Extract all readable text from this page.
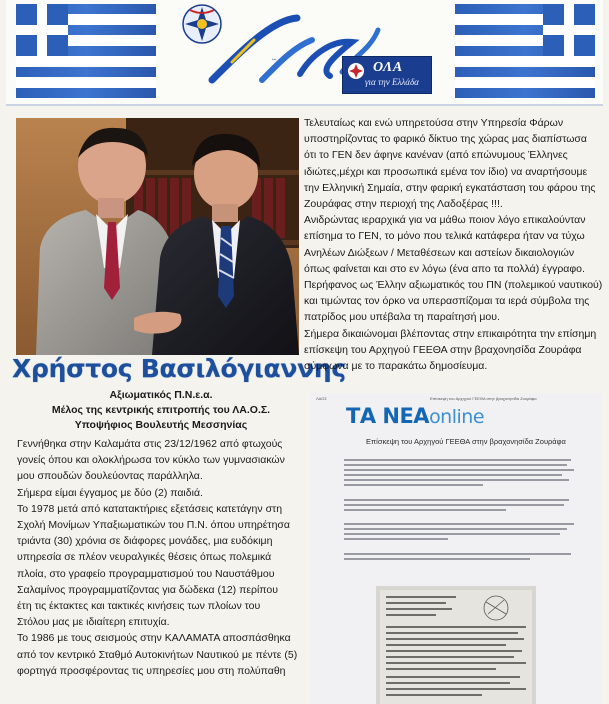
Λαός	ΟΛΑ
για την Ελλάδα
Χρήστος Βασιλόγιαννης
Αξιωματικός Π.Ν.ε.α.
Μέλος της κεντρικής επιτροπής του ΛΑ.Ο.Σ.
Υποψήφιος Βουλευτής Μεσσηνίας

Γεννήθηκα στην Καλαμάτα στις 23/12/1962 από φτωχούς
γονείς όπου και ολοκλήρωσα τον κύκλο των γυμνασιακών
μου σπουδών δουλεύοντας παράλληλα.

Σήμερα είμαι έγγαμος με δύο (2) παιδιά.

Το 1978 μετά από κατατακτήριες εξετάσεις κατετάγην στη
Σχολή Μονίμων Υπαξιωματικών του Π.Ν. όπου υπηρέτησα
τριάντα (30) χρόνια σε διάφορες μονάδες, μια ευδόκιμη
υπηρεσία σε πλέον νευραλγικές θέσεις όπως πολεμικά
πλοία, στο γραφείο προγραμματισμού του Ναυστάθμου
Σαλαμίνος προγραμματίζοντας για δώδεκα (12) περίπου
έτη τις έκτακτες και τακτικές κινήσεις των πλοίων του
Στόλου μας με ιδιαίτερη επιτυχία.

Το 1986 με τους σεισμούς στην ΚΑΛΑΜΑΤΑ αποσπάσθηκα
από τον κεντρικό Σταθμό Αυτοκινήτων Ναυτικού με πέντε (5)
φορτηγά προσφέροντας τις υπηρεσίες μου στη πολύπαθη

Τελευταίως και ενώ υπηρετούσα στην Υπηρεσία Φάρων
υποστηρίζοντας το φαρικό δίκτυο της χώρας μας διαπίστωσα
ότι το ΓΕΝ δεν άφηνε κανέναν (από επώνυμους Έλληνες
ιδιώτες,μέχρι και προσωπικά εμένα τον ίδιο) να αναρτήσουμε
την Ελληνική Σημαία, στην φαρική εγκατάσταση του φάρου της
Ζουράφας στην περιοχή της Λαδοξέρας !!!.

Ανιδρώντας ιεραρχικά για να μάθω ποιον λόγο επικαλούνταν
επίσημα το ΓΕΝ, το μόνο που τελικά κατάφερα ήταν να τύχω
Ανηλέων Διώξεων / Μεταθέσεων και αστείων δικαιολογιών
όπως φαίνεται και στο εν λόγω (ένα απο τα πολλά) έγγραφο.

Περήφανος ως Έλλην αξιωματικός του ΠΝ (πολεμικού ναυτικού)
και τιμώντας τον όρκο να υπερασπίζομαι τα ιερά σύμβολα της
πατρίδος μου υπέβαλα τη παραίτησή μου.

Σήμερα δικαιώνομαι βλέποντας στην επικαιρότητα την επίσημη
επίσκεψη του Αρχηγού ΓΕΕΘΑ στην βραχονησίδα Ζουράφα
σύμφωνα με το παρακάτω δημοσίευμα.

ΛΑΟΣ	Επίσκεψη του Αρχηγού ΓΕΕΘΑ στην βραχονησίδα Ζουράφα
ΤΑ ΝΕΑonline
Επίσκεψη του Αρχηγού ΓΕΕΘΑ στην βραχονησίδα Ζουράφα
